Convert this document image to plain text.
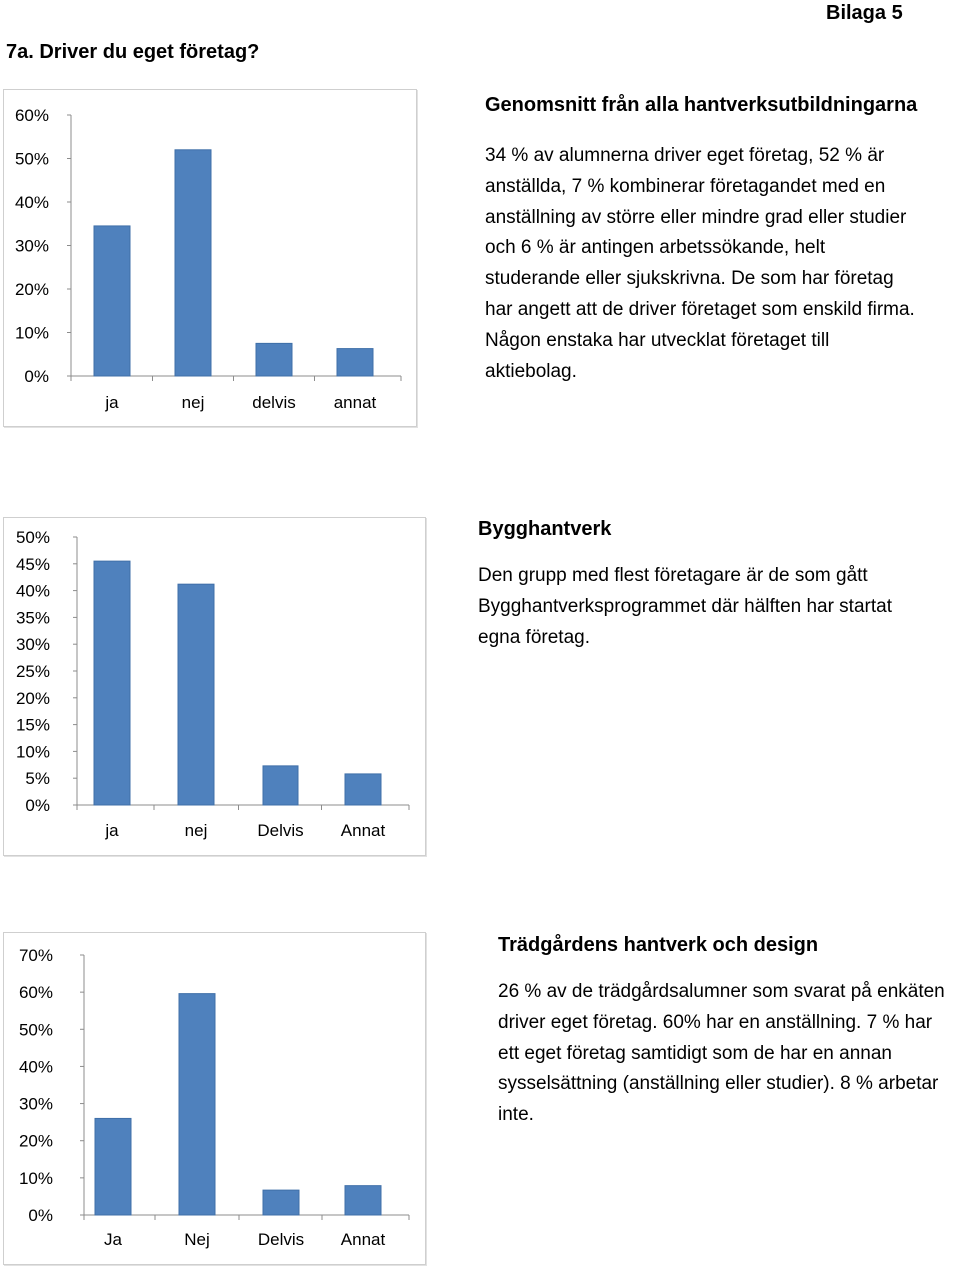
Bilaga 5
7a. Driver du eget företag?
0%
10%
20%
30%
40%
50%
60%
ja	nej	delvis annat
Genomsnitt från alla hantverksutbildningarna

34 % av alumnerna driver eget företag, 52 % är anställda, 7 % kombinerar företagandet med en anställning av större eller mindre grad eller studier och 6 % är antingen arbetssökande, helt studerande eller sjukskrivna. De som har företag har angett att de driver företaget som enskild firma. Någon enstaka har utvecklat företaget till aktiebolag.

0%
5%
10%
15%
20%
25%
30%
35%
40%
45%
50%
ja	nej	Delvis Annat
Bygghantverk

Den grupp med flest företagare är de som gått Bygghantverksprogrammet där hälften har startat egna företag.

0%
10%
20%
30%
40%
50%
60%
70%
Ja	Nej	Delvis Annat
Trädgårdens hantverk och design

26 % av de trädgårdsalumner som svarat på enkäten driver eget företag. 60% har en anställning. 7 % har ett eget företag samtidigt som de har en annan sysselsättning (anställning eller studier). 8 % arbetar inte.
